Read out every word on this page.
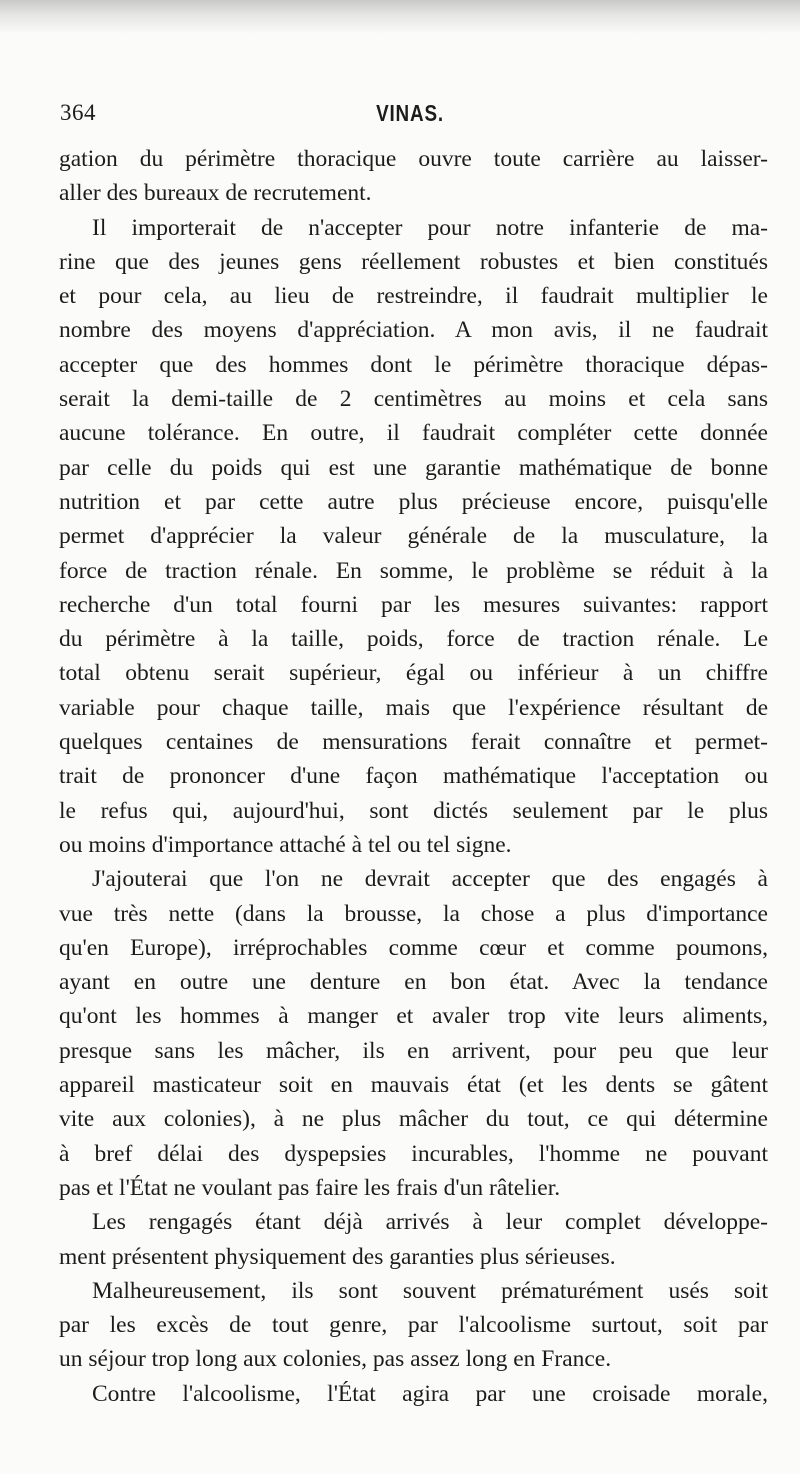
364	VINAS.
gation du périmètre thoracique ouvre toute carrière au laisser-
aller des bureaux de recrutement.
Il importerait de n'accepter pour notre infanterie de ma-
rine que des jeunes gens réellement robustes et bien constitués
et pour cela, au lieu de restreindre, il faudrait multiplier le
nombre des moyens d'appréciation. A mon avis, il ne faudrait
accepter que des hommes dont le périmètre thoracique dépas-
serait la demi-taille de 2 centimètres au moins et cela sans
aucune tolérance. En outre, il faudrait compléter cette donnée
par celle du poids qui est une garantie mathématique de bonne
nutrition et par cette autre plus précieuse encore, puisqu'elle
permet d'apprécier la valeur générale de la musculature, la
force de traction rénale. En somme, le problème se réduit à la
recherche d'un total fourni par les mesures suivantes: rapport
du périmètre à la taille, poids, force de traction rénale. Le
total obtenu serait supérieur, égal ou inférieur à un chiffre
variable pour chaque taille, mais que l'expérience résultant de
quelques centaines de mensurations ferait connaître et permet-
trait de prononcer d'une façon mathématique l'acceptation ou
le refus qui, aujourd'hui, sont dictés seulement par le plus
ou moins d'importance attaché à tel ou tel signe.
J'ajouterai que l'on ne devrait accepter que des engagés à
vue très nette (dans la brousse, la chose a plus d'importance
qu'en Europe), irréprochables comme cœur et comme poumons,
ayant en outre une denture en bon état. Avec la tendance
qu'ont les hommes à manger et avaler trop vite leurs aliments,
presque sans les mâcher, ils en arrivent, pour peu que leur
appareil masticateur soit en mauvais état (et les dents se gâtent
vite aux colonies), à ne plus mâcher du tout, ce qui détermine
à bref délai des dyspepsies incurables, l'homme ne pouvant
pas et l'État ne voulant pas faire les frais d'un râtelier.
Les rengagés étant déjà arrivés à leur complet développe-
ment présentent physiquement des garanties plus sérieuses.
Malheureusement, ils sont souvent prématurément usés soit
par les excès de tout genre, par l'alcoolisme surtout, soit par
un séjour trop long aux colonies, pas assez long en France.
Contre l'alcoolisme, l'État agira par une croisade morale,
